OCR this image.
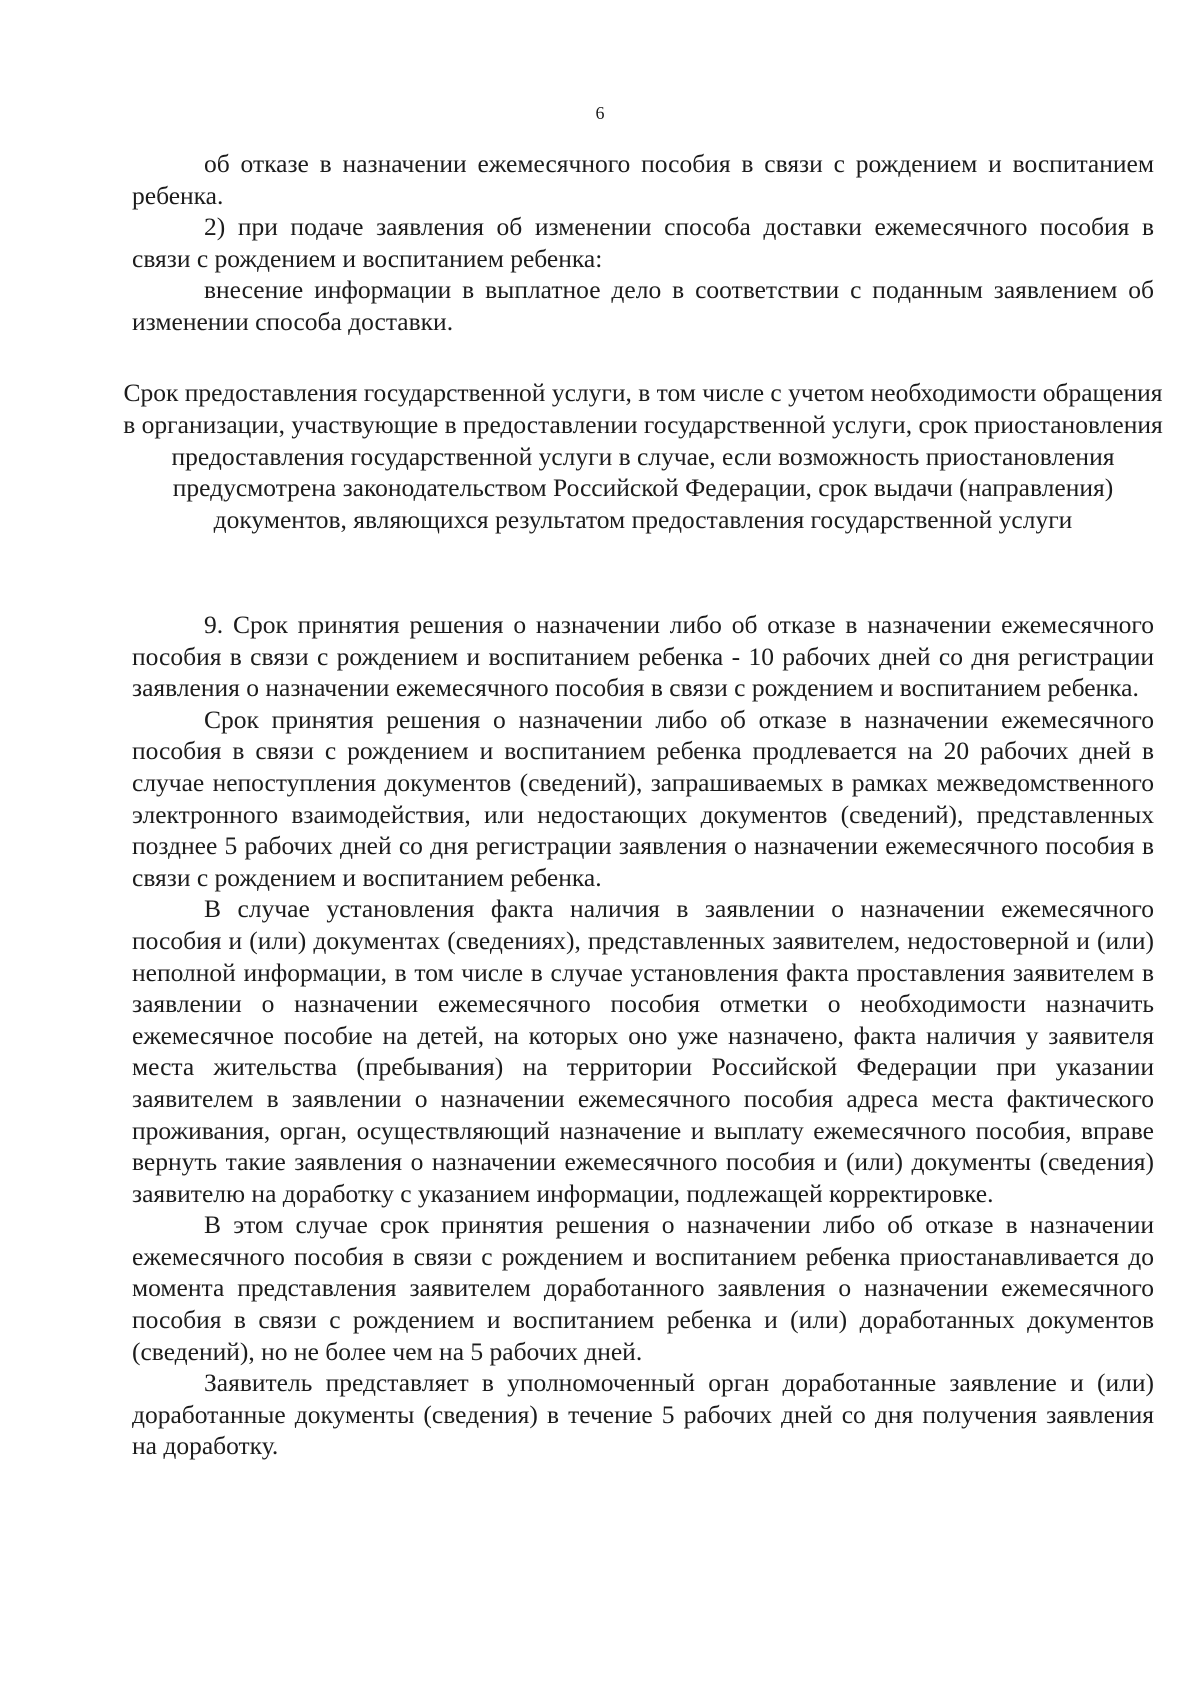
6

об отказе в назначении ежемесячного пособия в связи с рождением и воспитанием ребенка.

2) при подаче заявления об изменении способа доставки ежемесячного пособия в связи с рождением и воспитанием ребенка:

внесение информации в выплатное дело в соответствии с поданным заявлением об изменении способа доставки.

Срок предоставления государственной услуги, в том числе с учетом необходимости обращения в организации, участвующие в предоставлении государственной услуги, срок приостановления предоставления государственной услуги в случае, если возможность приостановления предусмотрена законодательством Российской Федерации, срок выдачи (направления) документов, являющихся результатом предоставления государственной услуги

9. Срок принятия решения о назначении либо об отказе в назначении ежемесячного пособия в связи с рождением и воспитанием ребенка - 10 рабочих дней со дня регистрации заявления о назначении ежемесячного пособия в связи с рождением и воспитанием ребенка.

Срок принятия решения о назначении либо об отказе в назначении ежемесячного пособия в связи с рождением и воспитанием ребенка продлевается на 20 рабочих дней в случае непоступления документов (сведений), запрашиваемых в рамках межведомственного электронного взаимодействия, или недостающих документов (сведений), представленных позднее 5 рабочих дней со дня регистрации заявления о назначении ежемесячного пособия в связи с рождением и воспитанием ребенка.

В случае установления факта наличия в заявлении о назначении ежемесячного пособия и (или) документах (сведениях), представленных заявителем, недостоверной и (или) неполной информации, в том числе в случае установления факта проставления заявителем в заявлении о назначении ежемесячного пособия отметки о необходимости назначить ежемесячное пособие на детей, на которых оно уже назначено, факта наличия у заявителя места жительства (пребывания) на территории Российской Федерации при указании заявителем в заявлении о назначении ежемесячного пособия адреса места фактического проживания, орган, осуществляющий назначение и выплату ежемесячного пособия, вправе вернуть такие заявления о назначении ежемесячного пособия и (или) документы (сведения) заявителю на доработку с указанием информации, подлежащей корректировке.

В этом случае срок принятия решения о назначении либо об отказе в назначении ежемесячного пособия в связи с рождением и воспитанием ребенка приостанавливается до момента представления заявителем доработанного заявления о назначении ежемесячного пособия в связи с рождением и воспитанием ребенка и (или) доработанных документов (сведений), но не более чем на 5 рабочих дней.

Заявитель представляет в уполномоченный орган доработанные заявление и (или) доработанные документы (сведения) в течение 5 рабочих дней со дня получения заявления на доработку.
